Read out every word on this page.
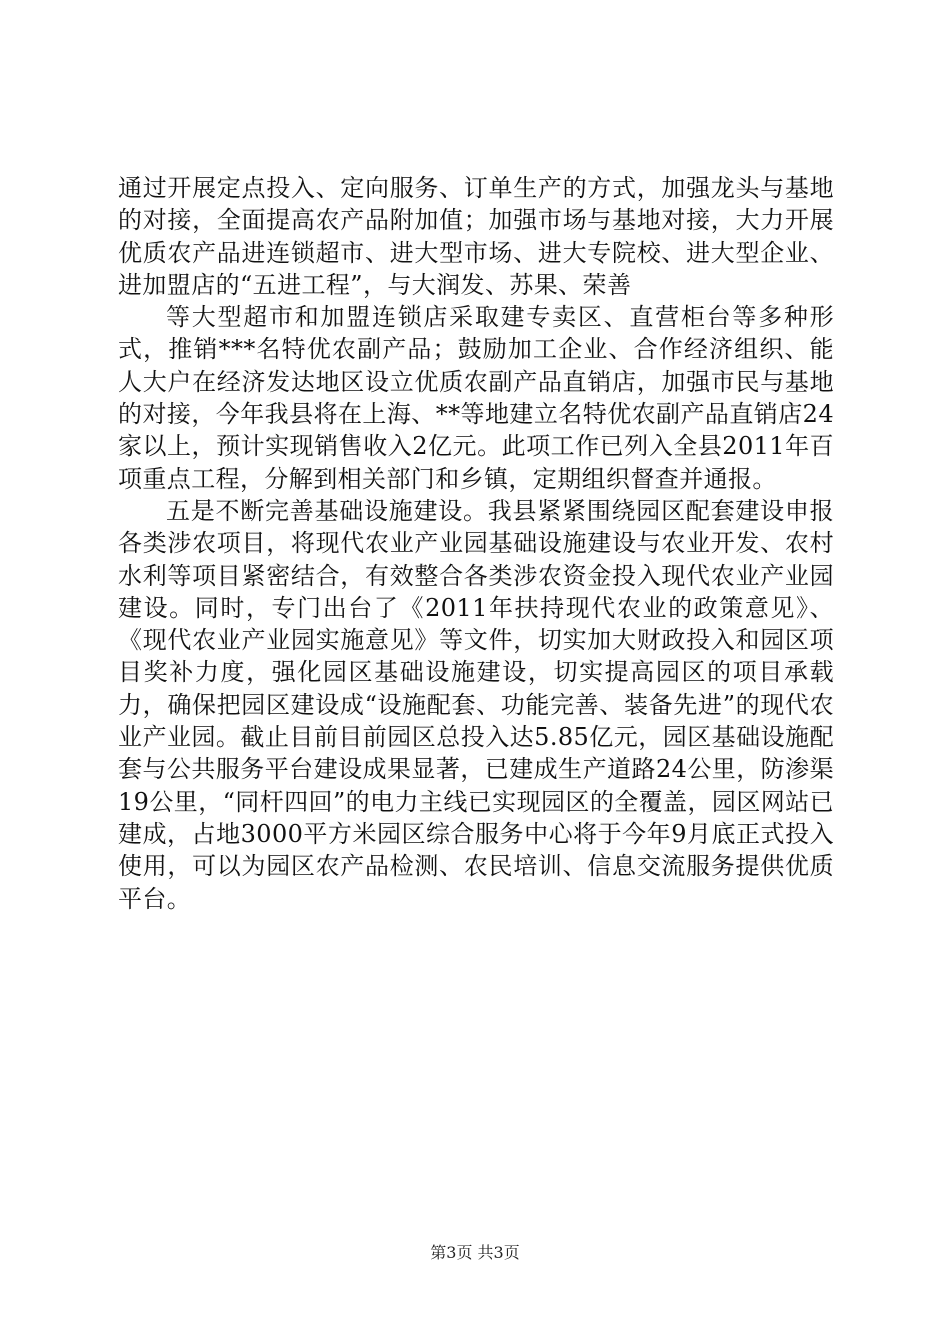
通过开展定点投入、定向服务、订单生产的方式，加强龙头与基地的对接，全面提高农产品附加值；加强市场与基地对接，大力开展优质农产品进连锁超市、进大型市场、进大专院校、进大型企业、进加盟店的“五进工程”，与大润发、苏果、荣善

等大型超市和加盟连锁店采取建专卖区、直营柜台等多种形式，推销***名特优农副产品；鼓励加工企业、合作经济组织、能人大户在经济发达地区设立优质农副产品直销店，加强市民与基地的对接，今年我县将在上海、**等地建立名特优农副产品直销店24家以上，预计实现销售收入2亿元。此项工作已列入全县2011年百项重点工程，分解到相关部门和乡镇，定期组织督查并通报。

五是不断完善基础设施建设。我县紧紧围绕园区配套建设申报各类涉农项目，将现代农业产业园基础设施建设与农业开发、农村水利等项目紧密结合，有效整合各类涉农资金投入现代农业产业园建设。同时，专门出台了《2011年扶持现代农业的政策意见》、《现代农业产业园实施意见》等文件，切实加大财政投入和园区项目奖补力度，强化园区基础设施建设，切实提高园区的项目承载力，确保把园区建设成“设施配套、功能完善、装备先进”的现代农业产业园。截止目前目前园区总投入达5.85亿元，园区基础设施配套与公共服务平台建设成果显著，已建成生产道路24公里，防渗渠19公里，“同杆四回”的电力主线已实现园区的全覆盖，园区网站已建成，占地3000平方米园区综合服务中心将于今年9月底正式投入使用，可以为园区农产品检测、农民培训、信息交流服务提供优质平台。

第3页 共3页
